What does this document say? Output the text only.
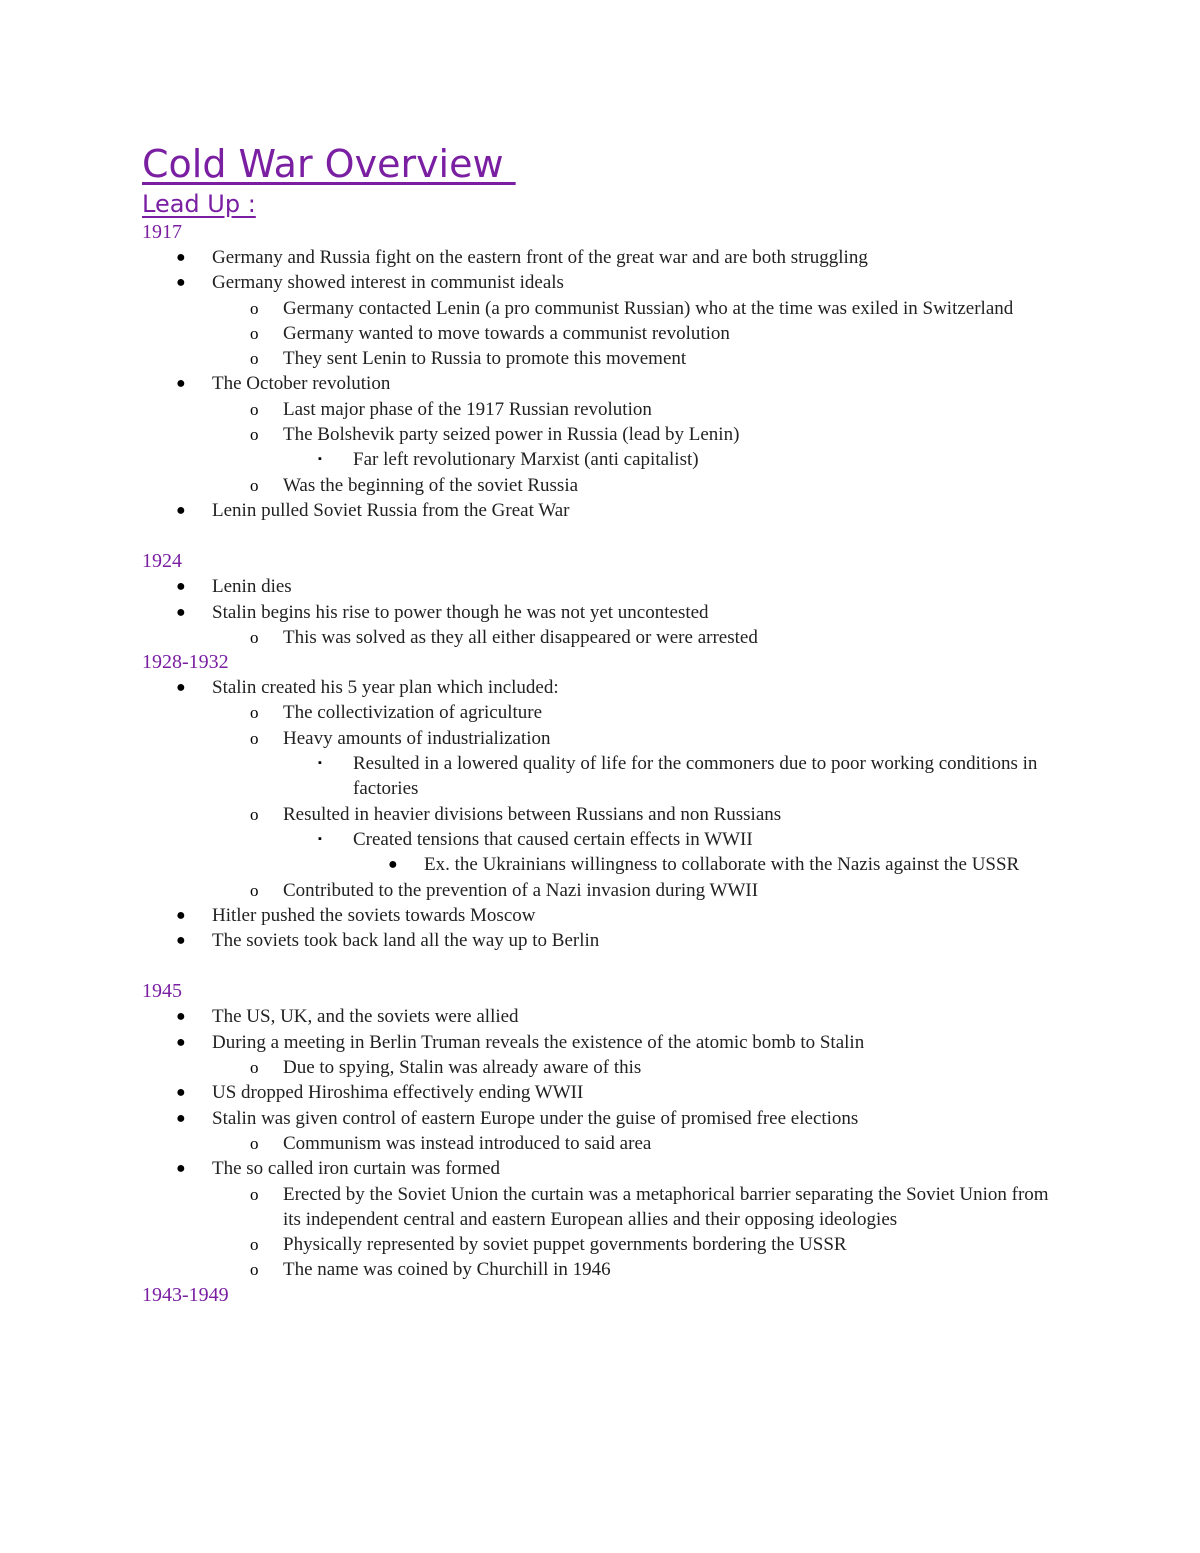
Cold War Overview
Lead Up :
1917
● Germany and Russia fight on the eastern front of the great war and are both struggling
● Germany showed interest in communist ideals
o Germany contacted Lenin (a pro communist Russian) who at the time was exiled in Switzerland
o Germany wanted to move towards a communist revolution
o They sent Lenin to Russia to promote this movement
● The October revolution
o Last major phase of the 1917 Russian revolution
o The Bolshevik party seized power in Russia (lead by Lenin)
▪ Far left revolutionary Marxist (anti capitalist)
o Was the beginning of the soviet Russia
● Lenin pulled Soviet Russia from the Great War
1924
● Lenin dies
● Stalin begins his rise to power though he was not yet uncontested
o This was solved as they all either disappeared or were arrested
1928-1932
● Stalin created his 5 year plan which included:
o The collectivization of agriculture
o Heavy amounts of industrialization
▪ Resulted in a lowered quality of life for the commoners due to poor working conditions in factories
o Resulted in heavier divisions between Russians and non Russians
▪ Created tensions that caused certain effects in WWII
● Ex. the Ukrainians willingness to collaborate with the Nazis against the USSR
o Contributed to the prevention of a Nazi invasion during WWII
● Hitler pushed the soviets towards Moscow
● The soviets took back land all the way up to Berlin
1945
● The US, UK, and the soviets were allied
● During a meeting in Berlin Truman reveals the existence of the atomic bomb to Stalin
o Due to spying, Stalin was already aware of this
● US dropped Hiroshima effectively ending WWII
● Stalin was given control of eastern Europe under the guise of promised free elections
o Communism was instead introduced to said area
● The so called iron curtain was formed
o Erected by the Soviet Union the curtain was a metaphorical barrier separating the Soviet Union from its independent central and eastern European allies and their opposing ideologies
o Physically represented by soviet puppet governments bordering the USSR
o The name was coined by Churchill in 1946
1943-1949
